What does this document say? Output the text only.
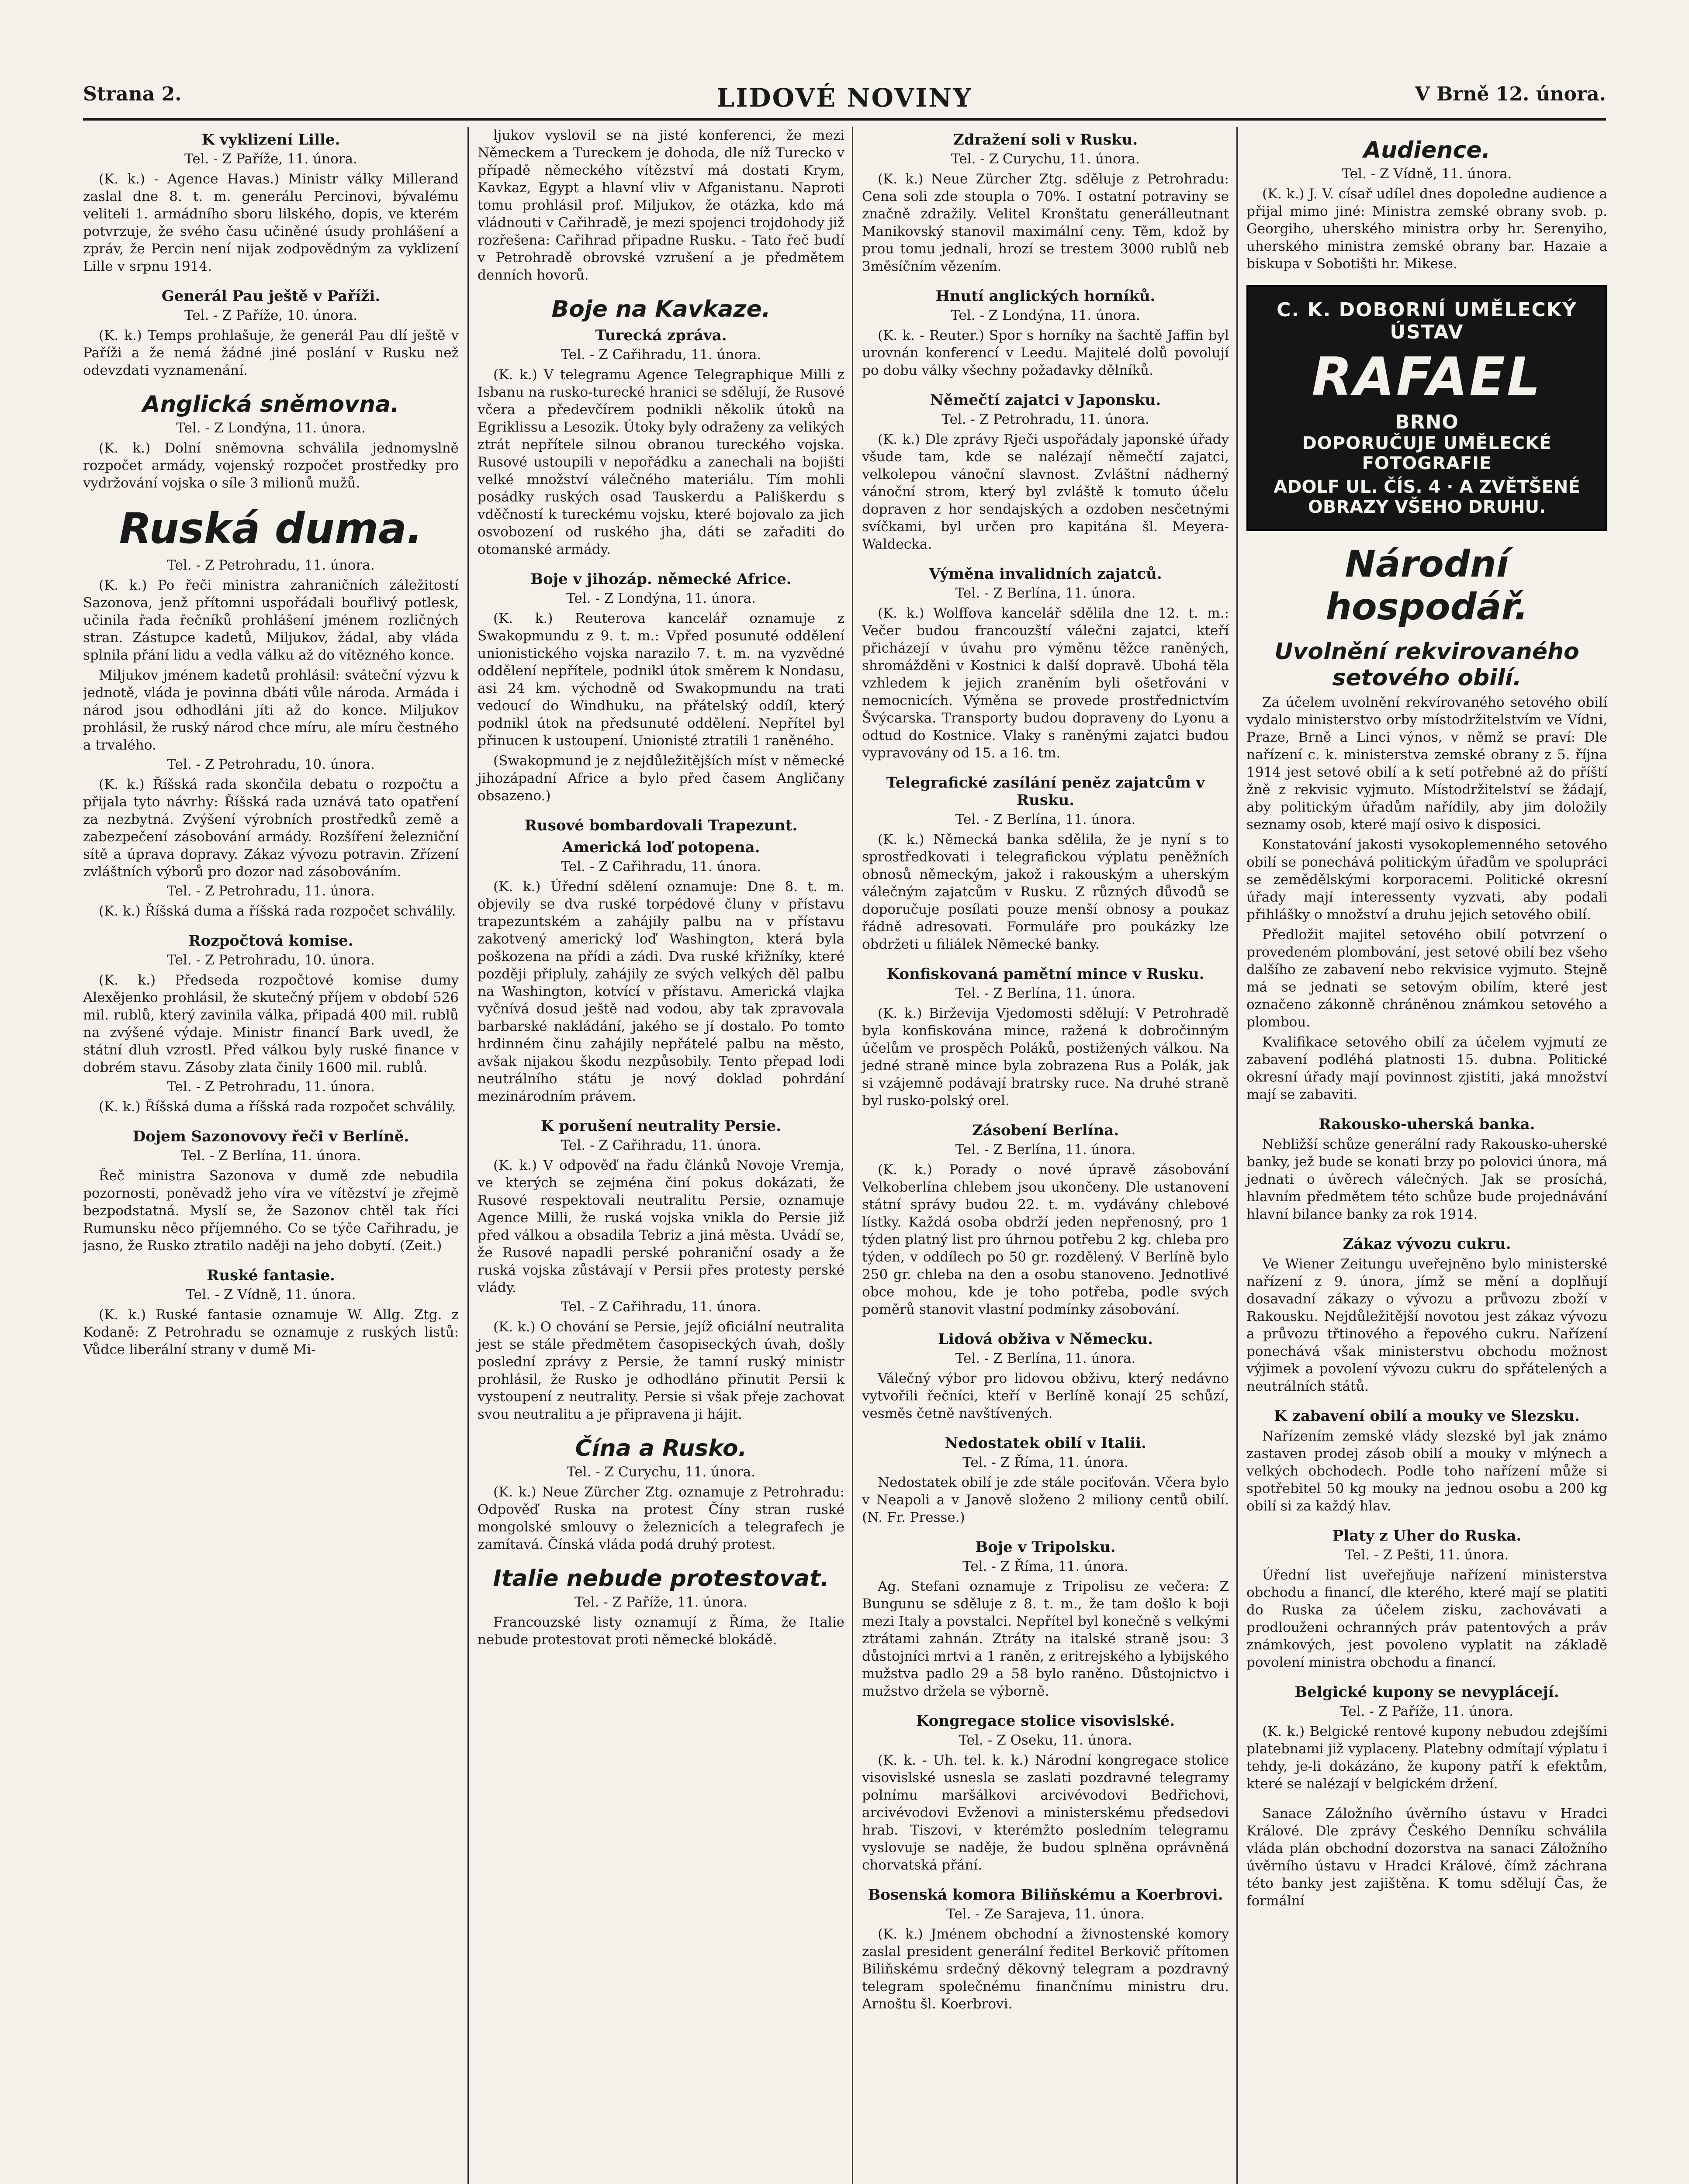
Strana 2.	LIDOVÉ NOVINY	V Brně 12. února.
K vyklizení Lille.
Tel. - Z Paříže, 11. února.
(K. k.) - Agence Havas.) Ministr války Millerand zaslal dne 8. t. m. generálu Percinovi, bývalému veliteli 1. armádního sboru lilského, dopis, ve kterém potvrzuje, že svého času učiněné úsudy prohlášení a zpráv, že Percin není nijak zodpovědným za vyklizení Lille v srpnu 1914.
Generál Pau ještě v Paříži.
Tel. - Z Paříže, 10. února.
(K. k.) Temps prohlašuje, že generál Pau dlí ještě v Paříži a že nemá žádné jiné poslání v Rusku než odevzdati vyznamenání.
Anglická sněmovna.
Tel. - Z Londýna, 11. února.
(K. k.) Dolní sněmovna schválila jednomyslně rozpočet armády, vojenský rozpočet prostředky pro vydržování vojska o síle 3 milionů mužů.
Ruská duma.
Tel. - Z Petrohradu, 11. února.
(K. k.) Po řeči ministra zahraničních záležitostí Sazonova, jenž přítomni uspořádali bouřlivý potlesk, učinila řada řečníků prohlášení jménem rozličných stran. Zástupce kadetů, Miljukov, žádal, aby vláda splnila přání lidu a vedla válku až do vítězného konce.
Miljukov jménem kadetů prohlásil: sváteční výzvu k jednotě, vláda je povinna dbáti vůle národa. Armáda i národ jsou odhodláni jíti až do konce. Miljukov prohlásil, že ruský národ chce míru, ale míru čestného a trvalého.
Tel. - Z Petrohradu, 10. února.
(K. k.) Říšská rada skončila debatu o rozpočtu a přijala tyto návrhy: Říšská rada uznává tato opatření za nezbytná. Zvýšení výrobních prostředků země a zabezpečení zásobování armády. Rozšíření železniční sítě a úprava dopravy. Zákaz vývozu potravin. Zřízení zvláštních výborů pro dozor nad zásobováním.
Tel. - Z Petrohradu, 11. února.
(K. k.) Říšská duma a říšská rada rozpočet schválily.
Rozpočtová komise.
Tel. - Z Petrohradu, 10. února.
(K. k.) Předseda rozpočtové komise dumy Alexějenko prohlásil, že skutečný příjem v období 526 mil. rublů, který zavinila válka, připadá 400 mil. rublů na zvýšené výdaje. Ministr financí Bark uvedl, že státní dluh vzrostl. Před válkou byly ruské finance v dobrém stavu. Zásoby zlata činily 1600 mil. rublů.
Tel. - Z Petrohradu, 11. února.
(K. k.) Říšská duma a říšská rada rozpočet schválily.
Dojem Sazonovovy řeči v Berlíně.
Tel. - Z Berlína, 11. února.
Řeč ministra Sazonova v dumě zde nebudila pozornosti, poněvadž jeho víra ve vítězství je zřejmě bezpodstatná. Myslí se, že Sazonov chtěl tak říci Rumunsku něco příjemného. Co se týče Cařihradu, je jasno, že Rusko ztratilo naději na jeho dobytí. (Zeit.)
Ruské fantasie.
Tel. - Z Vídně, 11. února.
(K. k.) Ruské fantasie oznamuje W. Allg. Ztg. z Kodaně: Z Petrohradu se oznamuje z ruských listů: Vůdce liberální strany v dumě Mi-
ljukov vyslovil se na jisté konferenci, že mezi Německem a Tureckem je dohoda, dle níž Turecko v případě německého vítězství má dostati Krym, Kavkaz, Egypt a hlavní vliv v Afganistanu. Naproti tomu prohlásil prof. Miljukov, že otázka, kdo má vládnouti v Cařihradě, je mezi spojenci trojdohody již rozřešena: Cařihrad připadne Rusku. - Tato řeč budí v Petrohradě obrovské vzrušení a je předmětem denních hovorů.
Boje na Kavkaze.
Turecká zpráva.
Tel. - Z Cařihradu, 11. února.
(K. k.) V telegramu Agence Telegraphique Milli z Isbanu na rusko-turecké hranici se sdělují, že Rusové včera a předevčírem podnikli několik útoků na Egriklissu a Lesozik. Útoky byly odraženy za velikých ztrát nepřítele silnou obranou tureckého vojska. Rusové ustoupili v nepořádku a zanechali na bojišti velké množství válečného materiálu. Tím mohli posádky ruských osad Tauskerdu a Pališkerdu s vděčností k tureckému vojsku, které bojovalo za jich osvobození od ruského jha, dáti se zařaditi do otomanské armády.
Boje v jihozáp. německé Africe.
Tel. - Z Londýna, 11. února.
(K. k.) Reuterova kancelář oznamuje z Swakopmundu z 9. t. m.: Vpřed posunuté oddělení unionistického vojska narazilo 7. t. m. na vyzvědné oddělení nepřítele, podnikl útok směrem k Nondasu, asi 24 km. východně od Swakopmundu na trati vedoucí do Windhuku, na přátelský oddíl, který podnikl útok na předsunuté oddělení. Nepřítel byl přinucen k ustoupení. Unionisté ztratili 1 raněného.
(Swakopmund je z nejdůležitějších míst v německé jihozápadní Africe a bylo před časem Angličany obsazeno.)
Rusové bombardovali Trapezunt.
Americká loď potopena.
Tel. - Z Cařihradu, 11. února.
(K. k.) Úřední sdělení oznamuje: Dne 8. t. m. objevily se dva ruské torpédové čluny v přístavu trapezuntském a zahájily palbu na v přístavu zakotvený americký loď Washington, která byla poškozena na přídi a zádi. Dva ruské křižníky, které později připluly, zahájily ze svých velkých děl palbu na Washington, kotvící v přístavu. Americká vlajka vyčnívá dosud ještě nad vodou, aby tak zpravovala barbarské nakládání, jakého se jí dostalo. Po tomto hrdinném činu zahájily nepřátelé palbu na město, avšak nijakou škodu nezpůsobily. Tento přepad lodi neutrálního státu je nový doklad pohrdání mezinárodním právem.
K porušení neutrality Persie.
Tel. - Z Cařihradu, 11. února.
(K. k.) V odpověď na řadu článků Novoje Vremja, ve kterých se zejména činí pokus dokázati, že Rusové respektovali neutralitu Persie, oznamuje Agence Milli, že ruská vojska vnikla do Persie již před válkou a obsadila Tebriz a jiná města. Uvádí se, že Rusové napadli perské pohraniční osady a že ruská vojska zůstávají v Persii přes protesty perské vlády.
Tel. - Z Cařihradu, 11. února.
(K. k.) O chování se Persie, jejíž oficiální neutralita jest se stále předmětem časopiseckých úvah, došly poslední zprávy z Persie, že tamní ruský ministr prohlásil, že Rusko je odhodláno přinutit Persii k vystoupení z neutrality. Persie si však přeje zachovat svou neutralitu a je připravena ji hájit.
Čína a Rusko.
Tel. - Z Curychu, 11. února.
(K. k.) Neue Zürcher Ztg. oznamuje z Petrohradu: Odpověď Ruska na protest Číny stran ruské mongolské smlouvy o železnicích a telegrafech je zamítavá. Čínská vláda podá druhý protest.
Italie nebude protestovat.
Tel. - Z Paříže, 11. února.
Francouzské listy oznamují z Říma, že Italie nebude protestovat proti německé blokádě.
Zdražení soli v Rusku.
Tel. - Z Curychu, 11. února.
(K. k.) Neue Zürcher Ztg. sděluje z Petrohradu: Cena soli zde stoupla o 70%. I ostatní potraviny se značně zdražily. Velitel Kronštatu generálleutnant Manikovský stanovil maximální ceny. Těm, kdož by prou tomu jednali, hrozí se trestem 3000 rublů neb 3měsíčním vězením.
Hnutí anglických horníků.
Tel. - Z Londýna, 11. února.
(K. k. - Reuter.) Spor s horníky na šachtě Jaffin byl urovnán konferencí v Leedu. Majitelé dolů povolují po dobu války všechny požadavky dělníků.
Němečtí zajatci v Japonsku.
Tel. - Z Petrohradu, 11. února.
(K. k.) Dle zprávy Rječi uspořádaly japonské úřady všude tam, kde se nalézají němečtí zajatci, velkolepou vánoční slavnost. Zvláštní nádherný vánoční strom, který byl zvláště k tomuto účelu dopraven z hor sendajských a ozdoben nesčetnými svíčkami, byl určen pro kapitána šl. Meyera-Waldecka.
Výměna invalidních zajatců.
Tel. - Z Berlína, 11. února.
(K. k.) Wolffova kancelář sdělila dne 12. t. m.: Večer budou francouzští válečni zajatci, kteří přicházejí v úvahu pro výměnu těžce raněných, shromážděni v Kostnici k další dopravě. Ubohá těla vzhledem k jejich zraněním byli ošetřováni v nemocnicích. Výměna se provede prostřednictvím Švýcarska. Transporty budou dopraveny do Lyonu a odtud do Kostnice. Vlaky s raněnými zajatci budou vypravovány od 15. a 16. tm.
Telegrafické zasílání peněz zajatcům v Rusku.
Tel. - Z Berlína, 11. února.
(K. k.) Německá banka sdělila, že je nyní s to sprostředkovati i telegrafickou výplatu peněžních obnosů německým, jakož i rakouským a uherským válečným zajatcům v Rusku. Z různých důvodů se doporučuje posílati pouze menší obnosy a poukaz řádně adresovati. Formuláře pro poukázky lze obdržeti u filiálek Německé banky.
Konfiskovaná pamětní mince v Rusku.
Tel. - Z Berlína, 11. února.
(K. k.) Birževija Vjedomosti sdělují: V Petrohradě byla konfiskována mince, ražená k dobročinným účelům ve prospěch Poláků, postižených válkou. Na jedné straně mince byla zobrazena Rus a Polák, jak si vzájemně podávají bratrsky ruce. Na druhé straně byl rusko-polský orel.
Zásobení Berlína.
Tel. - Z Berlína, 11. února.
(K. k.) Porady o nové úpravě zásobování Velkoberlína chlebem jsou ukončeny. Dle ustanovení státní správy budou 22. t. m. vydávány chlebové lístky. Každá osoba obdrží jeden nepřenosný, pro 1 týden platný list pro úhrnou potřebu 2 kg. chleba pro týden, v oddílech po 50 gr. rozdělený. V Berlíně bylo 250 gr. chleba na den a osobu stanoveno. Jednotlivé obce mohou, kde je toho potřeba, podle svých poměrů stanovit vlastní podmínky zásobování.
Lidová obživa v Německu.
Tel. - Z Berlína, 11. února.
Válečný výbor pro lidovou obživu, který nedávno vytvořili řečníci, kteří v Berlíně konají 25 schůzí, vesměs četně navštívených.
Nedostatek obilí v Italii.
Tel. - Z Říma, 11. února.
Nedostatek obilí je zde stále pociťován. Včera bylo v Neapoli a v Janově složeno 2 miliony centů obilí. (N. Fr. Presse.)
Boje v Tripolsku.
Tel. - Z Říma, 11. února.
Ag. Stefani oznamuje z Tripolisu ze večera: Z Bungunu se sděluje z 8. t. m., že tam došlo k boji mezi Italy a povstalci. Nepřítel byl konečně s velkými ztrátami zahnán. Ztráty na italské straně jsou: 3 důstojníci mrtvi a 1 raněn, z eritrejského a lybijského mužstva padlo 29 a 58 bylo raněno. Důstojnictvo i mužstvo držela se výborně.
Kongregace stolice visovislské.
Tel. - Z Oseku, 11. února.
(K. k. - Uh. tel. k. k.) Národní kongregace stolice visovislské usnesla se zaslati pozdravné telegramy polnímu maršálkovi arcivévodovi Bedřichovi, arcivévodovi Evženovi a ministerskému předsedovi hrab. Tiszovi, v kterémžto posledním telegramu vyslovuje se naděje, že budou splněna oprávněná chorvatská přání.
Bosenská komora Biliňskému a Koerbrovi.
Tel. - Ze Sarajeva, 11. února.
(K. k.) Jménem obchodní a živnostenské komory zaslal president generální ředitel Berkovič přítomen Biliňskému srdečný děkovný telegram a pozdravný telegram společnému finančnímu ministru dru. Arnoštu šl. Koerbrovi.
Audience.
Tel. - Z Vídně, 11. února.
(K. k.) J. V. císař udílel dnes dopoledne audience a přijal mimo jiné: Ministra zemské obrany svob. p. Georgiho, uherského ministra orby hr. Serenyiho, uherského ministra zemské obrany bar. Hazaie a biskupa v Sobotišti hr. Mikese.
C. K. DOBORNÍ UMĚLECKÝ ÚSTAV
RAFAEL
BRNO
DOPORUČUJE UMĚLECKÉ FOTOGRAFIE
ADOLF UL. ČÍS. 4 · A ZVĚTŠENÉ OBRAZY VŠEHO DRUHU.
Národní hospodář.
Uvolnění rekvirovaného setového obilí.
Za účelem uvolnění rekvírovaného setového obilí vydalo ministerstvo orby místodržitelstvím ve Vídni, Praze, Brně a Linci výnos, v němž se praví: Dle nařízení c. k. ministerstva zemské obrany z 5. října 1914 jest setové obilí a k setí potřebné až do příští žně z rekvisic vyjmuto. Místodržitelství se žádají, aby politickým úřadům nařídily, aby jim doložily seznamy osob, které mají osivo k disposici.
Konstatování jakosti vysokoplemenného setového obilí se ponechává politickým úřadům ve spolupráci se zemědělskými korporacemi. Politické okresní úřady mají interessenty vyzvati, aby podali přihlášky o množství a druhu jejich setového obilí.
Předložit majitel setového obilí potvrzení o provedeném plombování, jest setové obilí bez všeho dalšího ze zabavení nebo rekvisice vyjmuto. Stejně má se jednati se setovým obilím, které jest označeno zákonně chráněnou známkou setového a plombou.
Kvalifikace setového obilí za účelem vyjmutí ze zabavení podléhá platnosti 15. dubna. Politické okresní úřady mají povinnost zjistiti, jaká množství mají se zabaviti.
Rakousko-uherská banka.
Nebližší schůze generální rady Rakousko-uherské banky, jež bude se konati brzy po polovici února, má jednati o úvěrech válečných. Jak se prosíchá, hlavním předmětem této schůze bude projednávání hlavní bilance banky za rok 1914.
Zákaz vývozu cukru.
Ve Wiener Zeitungu uveřejněno bylo ministerské nařízení z 9. února, jímž se mění a doplňují dosavadní zákazy o vývozu a průvozu zboží v Rakousku. Nejdůležitější novotou jest zákaz vývozu a průvozu třtinového a řepového cukru. Nařízení ponechává však ministerstvu obchodu možnost výjimek a povolení vývozu cukru do spřátelených a neutrálních států.
K zabavení obilí a mouky ve Slezsku.
Nařízením zemské vlády slezské byl jak známo zastaven prodej zásob obilí a mouky v mlýnech a velkých obchodech. Podle toho nařízení může si spotřebitel 50 kg mouky na jednou osobu a 200 kg obilí si za každý hlav.
Platy z Uher do Ruska.
Tel. - Z Pešti, 11. února.
Úřední list uveřejňuje nařízení ministerstva obchodu a financí, dle kterého, které mají se platiti do Ruska za účelem zisku, zachovávati a prodlouženi ochranných práv patentových a práv známkových, jest povoleno vyplatit na základě povolení ministra obchodu a financí.
Belgické kupony se nevyplácejí.
Tel. - Z Paříže, 11. února.
(K. k.) Belgické rentové kupony nebudou zdejšími platebnami již vyplaceny. Platebny odmítají výplatu i tehdy, je-li dokázáno, že kupony patří k efektům, které se nalézají v belgickém držení.
Sanace Záložního úvěrního ústavu v Hradci Králové. Dle zprávy Českého Denníku schválila vláda plán obchodní dozorstva na sanaci Záložního úvěrního ústavu v Hradci Králové, čímž záchrana této banky jest zajištěna. K tomu sdělují Čas, že formální
